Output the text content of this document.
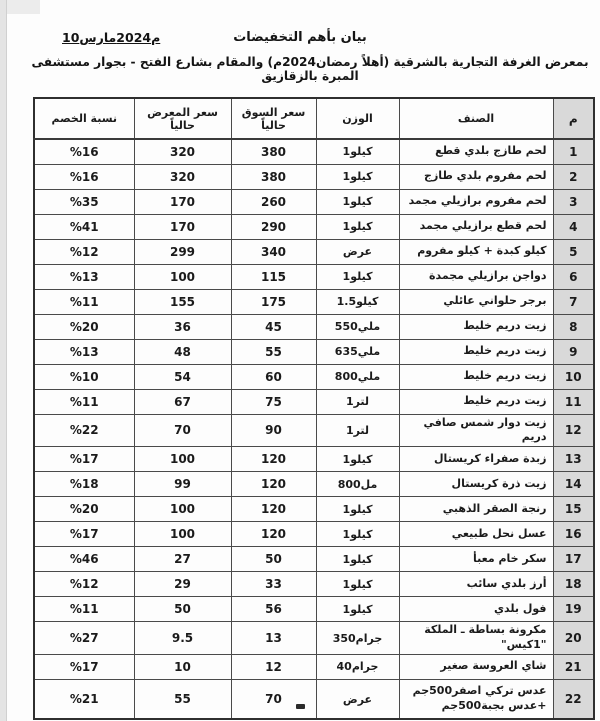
بيان بأهم التخفيضات
10مارس2024م
بمعرض الغرفة التجارية بالشرقية (أهلاً رمضان2024م) والمقام بشارع الفتح - بجوار مستشفى المبرة بالزقازيق
م	الصنف	الوزن	سعر السوق حالياً	سعر المعرض حالياً	نسبة الخصم
1	لحم طازج بلدي قطع	1كيلو	380	320	%16
2	لحم مفروم بلدي طازج	1كيلو	380	320	%16
3	لحم مفروم برازيلي مجمد	1كيلو	260	170	%35
4	لحم قطع برازيلي مجمد	1كيلو	290	170	%41
5	كيلو كبدة + كيلو مفروم	عرض	340	299	%12
6	دواجن برازيلي مجمدة	1كيلو	115	100	%13
7	برجر حلواني عائلي	1.5كيلو	175	155	%11
8	زيت دريم خليط	550ملي	45	36	%20
9	زيت دريم خليط	635ملي	55	48	%13
10	زيت دريم خليط	800ملي	60	54	%10
11	زيت دريم خليط	1لتر	75	67	%11
12	زيت دوار شمس صافي دريم	1لتر	90	70	%22
13	زبدة صفراء كريستال	1كيلو	120	100	%17
14	زيت ذرة كريستال	800مل	120	99	%18
15	رنجة الصقر الذهبي	1كيلو	120	100	%20
16	عسل نحل طبيعي	1كيلو	120	100	%17
17	سكر خام معبأ	1كيلو	50	27	%46
18	أرز بلدي سائب	1كيلو	33	29	%12
19	فول بلدي	1كيلو	56	50	%11
20	مكرونة بساطة ـ الملكة "1كيس"	350جرام	13	9.5	%27
21	شاي العروسة صغير	40جرام	12	10	%17
22	عدس تركي اصفر500جم +عدس بجبة500جم	عرض	70	55	%21
